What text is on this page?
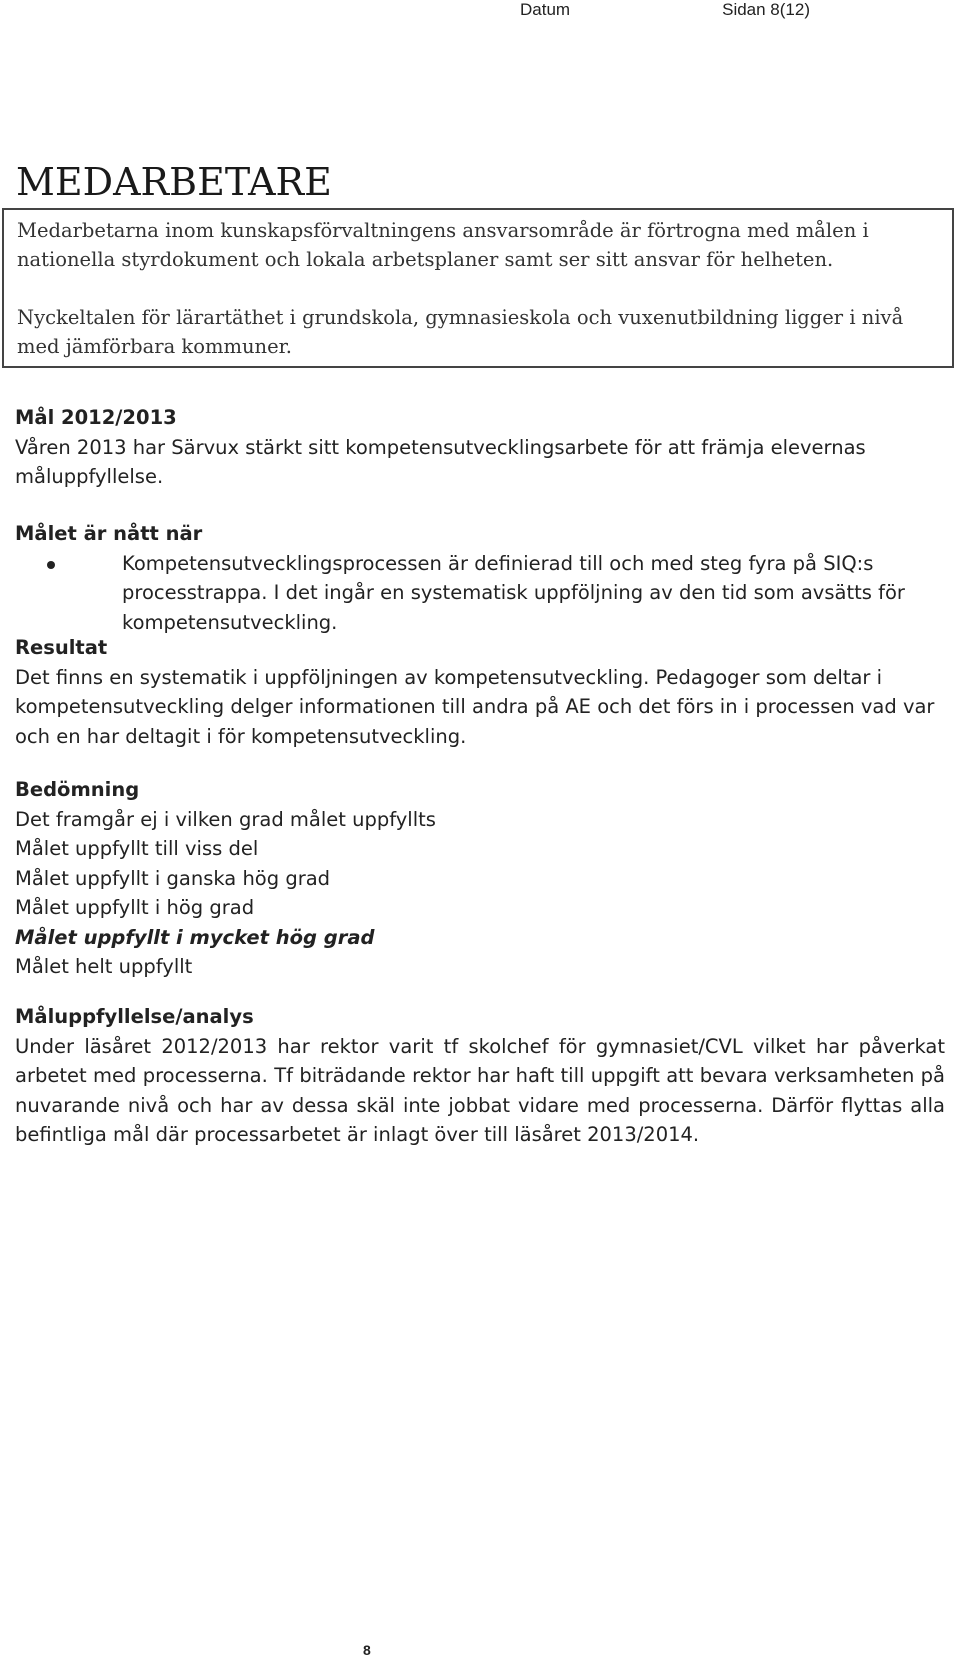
Datum	Sidan 8(12)
MEDARBETARE

Medarbetarna inom kunskapsförvaltningens ansvarsområde är förtrogna med målen i nationella styrdokument och lokala arbetsplaner samt ser sitt ansvar för helheten.

Nyckeltalen för lärartäthet i grundskola, gymnasieskola och vuxenutbildning ligger i nivå med jämförbara kommuner.

Mål 2012/2013

Våren 2013 har Särvux stärkt sitt kompetensutvecklingsarbete för att främja elevernas måluppfyllelse.

Målet är nått när

Kompetensutvecklingsprocessen är definierad till och med steg fyra på SIQ:s processtrappa. I det ingår en systematisk uppföljning av den tid som avsätts för kompetensutveckling.

Resultat

Det finns en systematik i uppföljningen av kompetensutveckling. Pedagoger som deltar i kompetensutveckling delger informationen till andra på AE och det förs in i processen vad var och en har deltagit i för kompetensutveckling.

Bedömning

Det framgår ej i vilken grad målet uppfyllts

Målet uppfyllt till viss del

Målet uppfyllt i ganska hög grad

Målet uppfyllt i hög grad

Målet uppfyllt i mycket hög grad

Målet helt uppfyllt

Måluppfyllelse/analys

Under läsåret 2012/2013 har rektor varit tf skolchef för gymnasiet/CVL vilket har påverkat arbetet med processerna. Tf biträdande rektor har haft till uppgift att bevara verksamheten på nuvarande nivå och har av dessa skäl inte jobbat vidare med processerna. Därför flyttas alla befintliga mål där processarbetet är inlagt över till läsåret 2013/2014.

8
